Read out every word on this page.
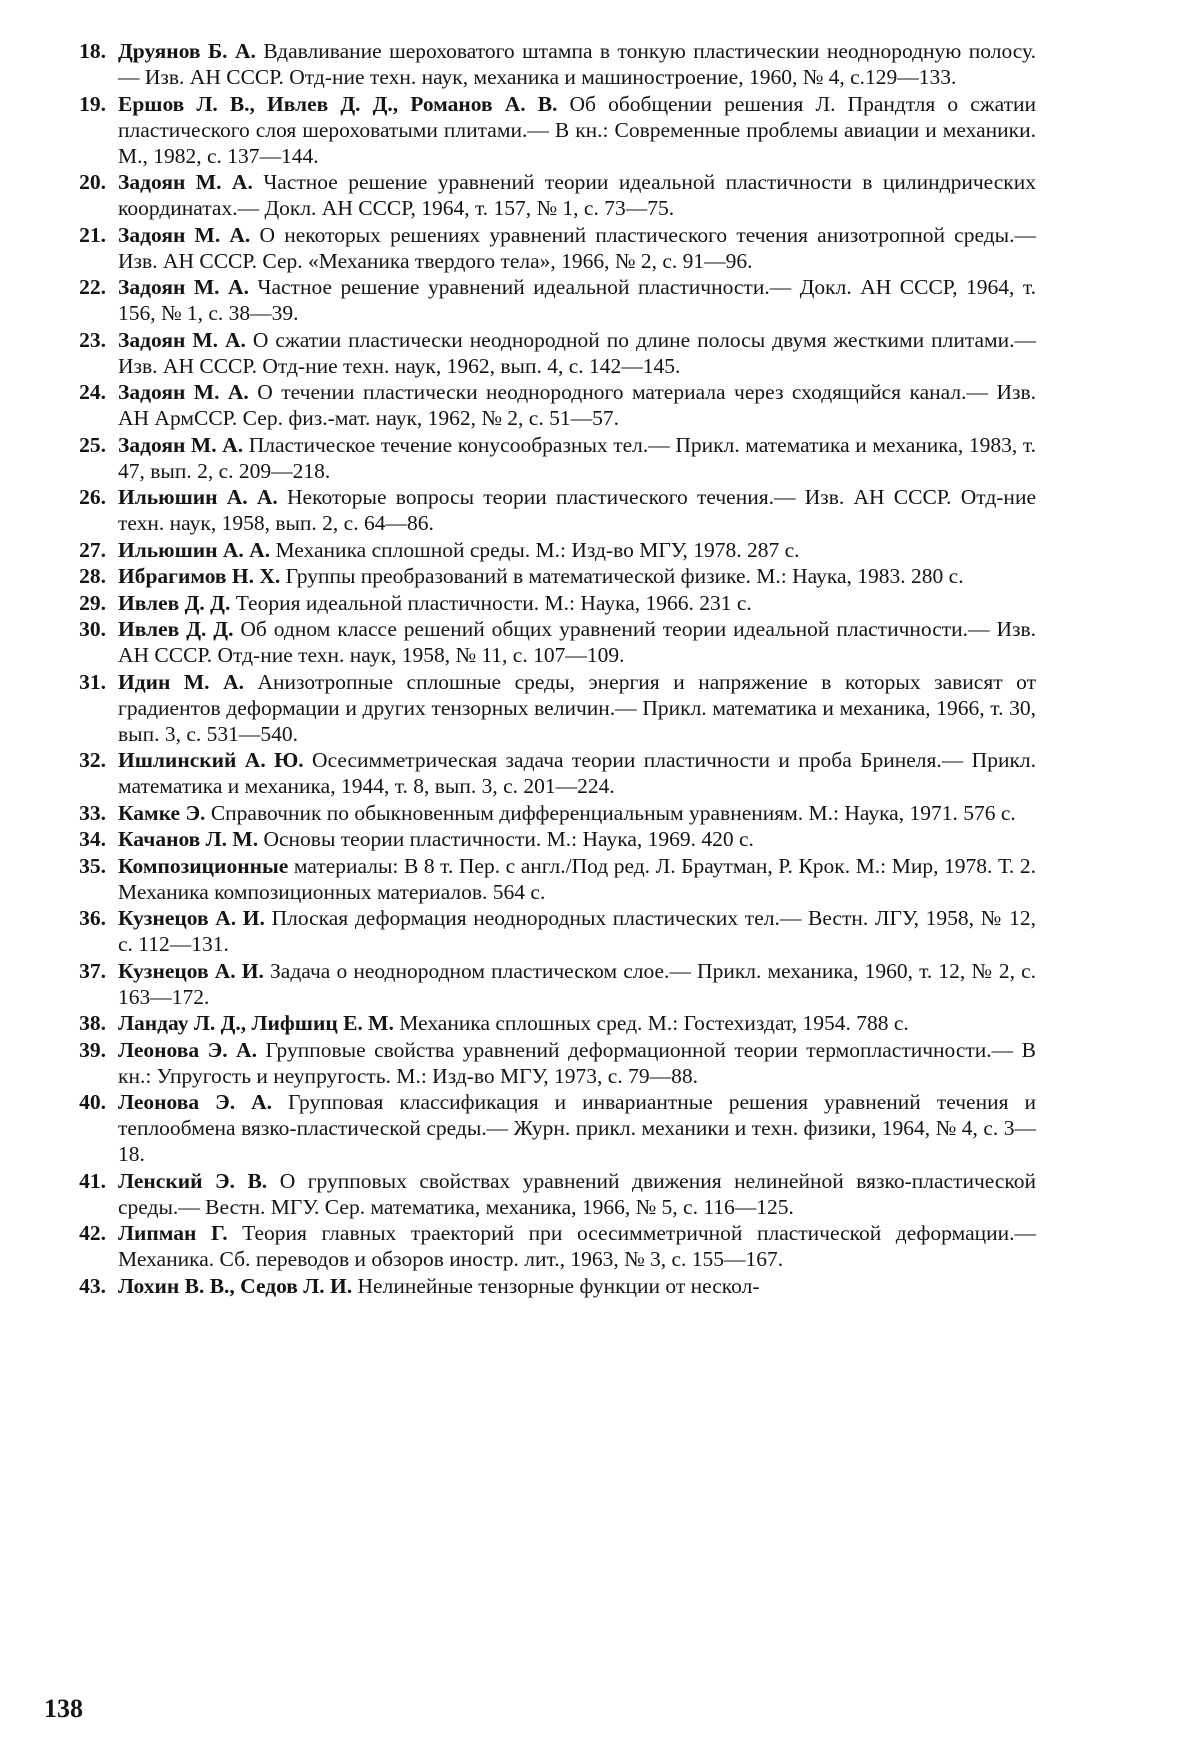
18. Друянов Б. А. Вдавливание шероховатого штампа в тонкую пластическии неоднородную полосу.— Изв. АН СССР. Отд-ние техн. наук, механика и машиностроение, 1960, № 4, с.129—133.
19. Ершов Л. В., Ивлев Д. Д., Романов А. В. Об обобщении решения Л. Прандтля о сжатии пластического слоя шероховатыми плитами.— В кн.: Современные проблемы авиации и механики. М., 1982, с. 137—144.
20. Задоян М. А. Частное решение уравнений теории идеальной пластичности в цилиндрических координатах.— Докл. АН СССР, 1964, т. 157, № 1, с. 73—75.
21. Задоян М. А. О некоторых решениях уравнений пластического течения анизотропной среды.— Изв. АН СССР. Сер. «Механика твердого тела», 1966, № 2, с. 91—96.
22. Задоян М. А. Частное решение уравнений идеальной пластичности.— Докл. АН СССР, 1964, т. 156, № 1, с. 38—39.
23. Задоян М. А. О сжатии пластически неоднородной по длине полосы двумя жесткими плитами.— Изв. АН СССР. Отд-ние техн. наук, 1962, вып. 4, с. 142—145.
24. Задоян М. А. О течении пластически неоднородного материала через сходящийся канал.— Изв. АН АрмССР. Сер. физ.-мат. наук, 1962, № 2, с. 51—57.
25. Задоян М. А. Пластическое течение конусообразных тел.— Прикл. математика и механика, 1983, т. 47, вып. 2, с. 209—218.
26. Ильюшин А. А. Некоторые вопросы теории пластического течения.— Изв. АН СССР. Отд-ние техн. наук, 1958, вып. 2, с. 64—86.
27. Ильюшин А. А. Механика сплошной среды. М.: Изд-во МГУ, 1978. 287 с.
28. Ибрагимов Н. Х. Группы преобразований в математической физике. М.: Наука, 1983. 280 с.
29. Ивлев Д. Д. Теория идеальной пластичности. М.: Наука, 1966. 231 с.
30. Ивлев Д. Д. Об одном классе решений общих уравнений теории идеальной пластичности.— Изв. АН СССР. Отд-ние техн. наук, 1958, № 11, с. 107—109.
31. Идин М. А. Анизотропные сплошные среды, энергия и напряжение в которых зависят от градиентов деформации и других тензорных величин.— Прикл. математика и механика, 1966, т. 30, вып. 3, с. 531—540.
32. Ишлинский А. Ю. Осесимметрическая задача теории пластичности и проба Бринеля.— Прикл. математика и механика, 1944, т. 8, вып. 3, с. 201—224.
33. Камке Э. Справочник по обыкновенным дифференциальным уравнениям. М.: Наука, 1971. 576 с.
34. Качанов Л. М. Основы теории пластичности. М.: Наука, 1969. 420 с.
35. Композиционные материалы: В 8 т. Пер. с англ./Под ред. Л. Браутман, Р. Крок. М.: Мир, 1978. Т. 2. Механика композиционных материалов. 564 с.
36. Кузнецов А. И. Плоская деформация неоднородных пластических тел.— Вестн. ЛГУ, 1958, № 12, с. 112—131.
37. Кузнецов А. И. Задача о неоднородном пластическом слое.— Прикл. механика, 1960, т. 12, № 2, с. 163—172.
38. Ландау Л. Д., Лифшиц Е. М. Механика сплошных сред. М.: Гостехиздат, 1954. 788 с.
39. Леонова Э. А. Групповые свойства уравнений деформационной теории термопластичности.— В кн.: Упругость и неупругость. М.: Изд-во МГУ, 1973, с. 79—88.
40. Леонова Э. А. Групповая классификация и инвариантные решения уравнений течения и теплообмена вязко-пластической среды.— Журн. прикл. механики и техн. физики, 1964, № 4, с. 3—18.
41. Ленский Э. В. О групповых свойствах уравнений движения нелинейной вязко-пластической среды.— Вестн. МГУ. Сер. математика, механика, 1966, № 5, с. 116—125.
42. Липман Г. Теория главных траекторий при осесимметричной пластической деформации.— Механика. Сб. переводов и обзоров иностр. лит., 1963, № 3, с. 155—167.
43. Лохин В. В., Седов Л. И. Нелинейные тензорные функции от нескол-
138
